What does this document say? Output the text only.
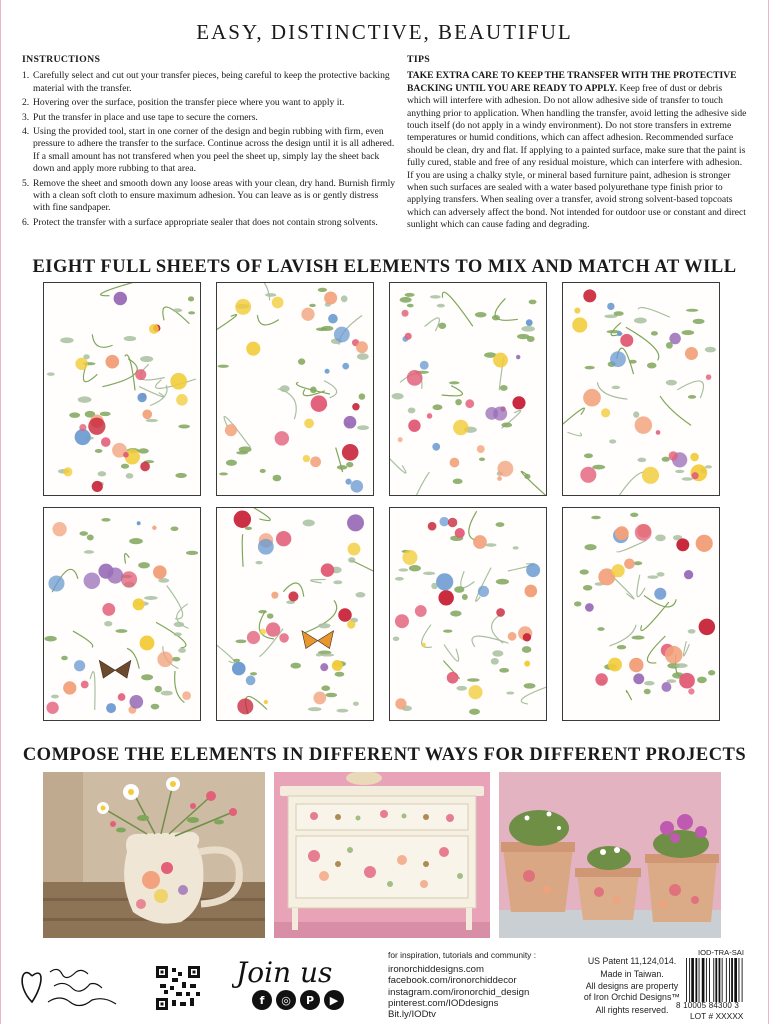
EASY, DISTINCTIVE, BEAUTIFUL
INSTRUCTIONS
1. Carefully select and cut out your transfer pieces, being careful to keep the protective backing material with the transfer.
2. Hovering over the surface, position the transfer piece where you want to apply it.
3. Put the transfer in place and use tape to secure the corners.
4. Using the provided tool, start in one corner of the design and begin rubbing with firm, even pressure to adhere the transfer to the surface. Continue across the design until it is all adhered. If a small amount has not transfered when you peel the sheet up, simply lay the sheet back down and apply more rubbing to that area.
5. Remove the sheet and smooth down any loose areas with your clean, dry hand. Burnish firmly with a clean soft cloth to ensure maximum adhesion. You can leave as is or gently distress with fine sandpaper.
6. Protect the transfer with a surface appropriate sealer that does not contain strong solvents.
TIPS

TAKE EXTRA CARE TO KEEP THE TRANSFER WITH THE PROTECTIVE BACKING UNTIL YOU ARE READY TO APPLY. Keep free of dust or debris which will interfere with adhesion. Do not allow adhesive side of transfer to touch anything prior to application. When handling the transfer, avoid letting the adhesive side touch itself (do not apply in a windy environment). Do not store transfers in extreme temperatures or humid conditions, which can affect adhesion. Recommended surface should be clean, dry and flat. If applying to a painted surface, make sure that the paint is fully cured, stable and free of any residual moisture, which can interfere with adhesion. If you are using a chalky style, or mineral based furniture paint, adhesion is stronger when such surfaces are sealed with a water based polyurethane type finish prior to applying transfers. When sealing over a transfer, avoid strong solvent-based topcoats which can adversely affect the bond. Not intended for outdoor use or constant and direct sunlight which can cause fading and degrading.

EIGHT FULL SHEETS OF LAVISH ELEMENTS TO MIX AND MATCH AT WILL
COMPOSE THE ELEMENTS IN DIFFERENT WAYS FOR DIFFERENT PROJECTS
Join us
f	◎	P	▶
for inspiration, tutorials and community :
ironorchiddesigns.com
facebook.com/ironorchiddecor
instagram.com/ironorchid_design
pinterest.com/IODdesigns
Bit.ly/IODtv
US Patent 11,124,014.
Made in Taiwan.
All designs are property of Iron Orchid Designs™
All rights reserved.
IOD-TRA-SAI
8 10005 84300 3
LOT # XXXXX
